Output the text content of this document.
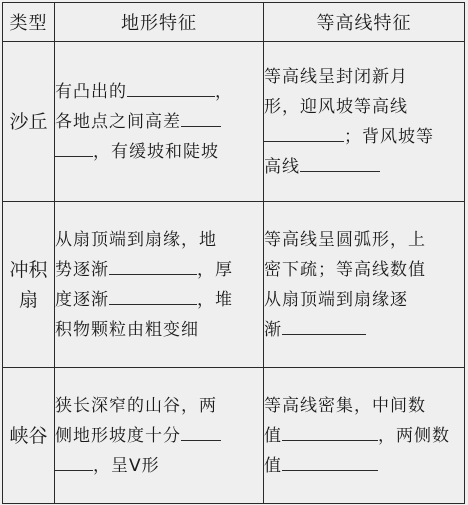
类型	地形特征	等高线特征

沙丘	有凸出的 ，
各地点之间高差
，有缓坡和陡坡	等高线呈封闭新月
形，迎风坡等高线
；背风坡等
高线

冲积
扇	从扇顶端到扇缘，地
势逐渐 ，厚
度逐渐 ，堆
积物颗粒由粗变细	等高线呈圆弧形，上
密下疏；等高线数值
从扇顶端到扇缘逐
渐

峡谷	狭长深窄的山谷，两
侧地形坡度十分
，呈V形	等高线密集，中间数
值 ，两侧数
值
